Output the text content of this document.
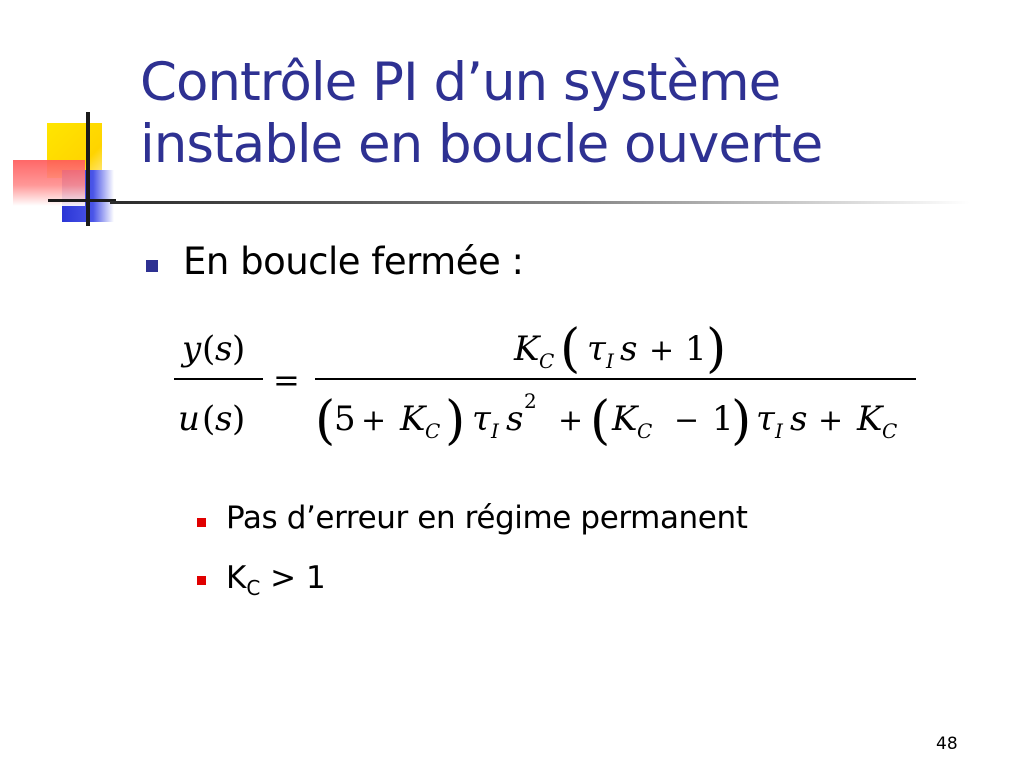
Contrôle PI d’un système
instable en boucle ouverte
En boucle fermée :
y ( s )
u ( s )
=
K C ( τ I s + 1 )
(
5 + K C ) τ I s 2
+ ( K C − 1
) τ I s + K C
Pas d’erreur en régime permanent
$K_C > 1$
48
